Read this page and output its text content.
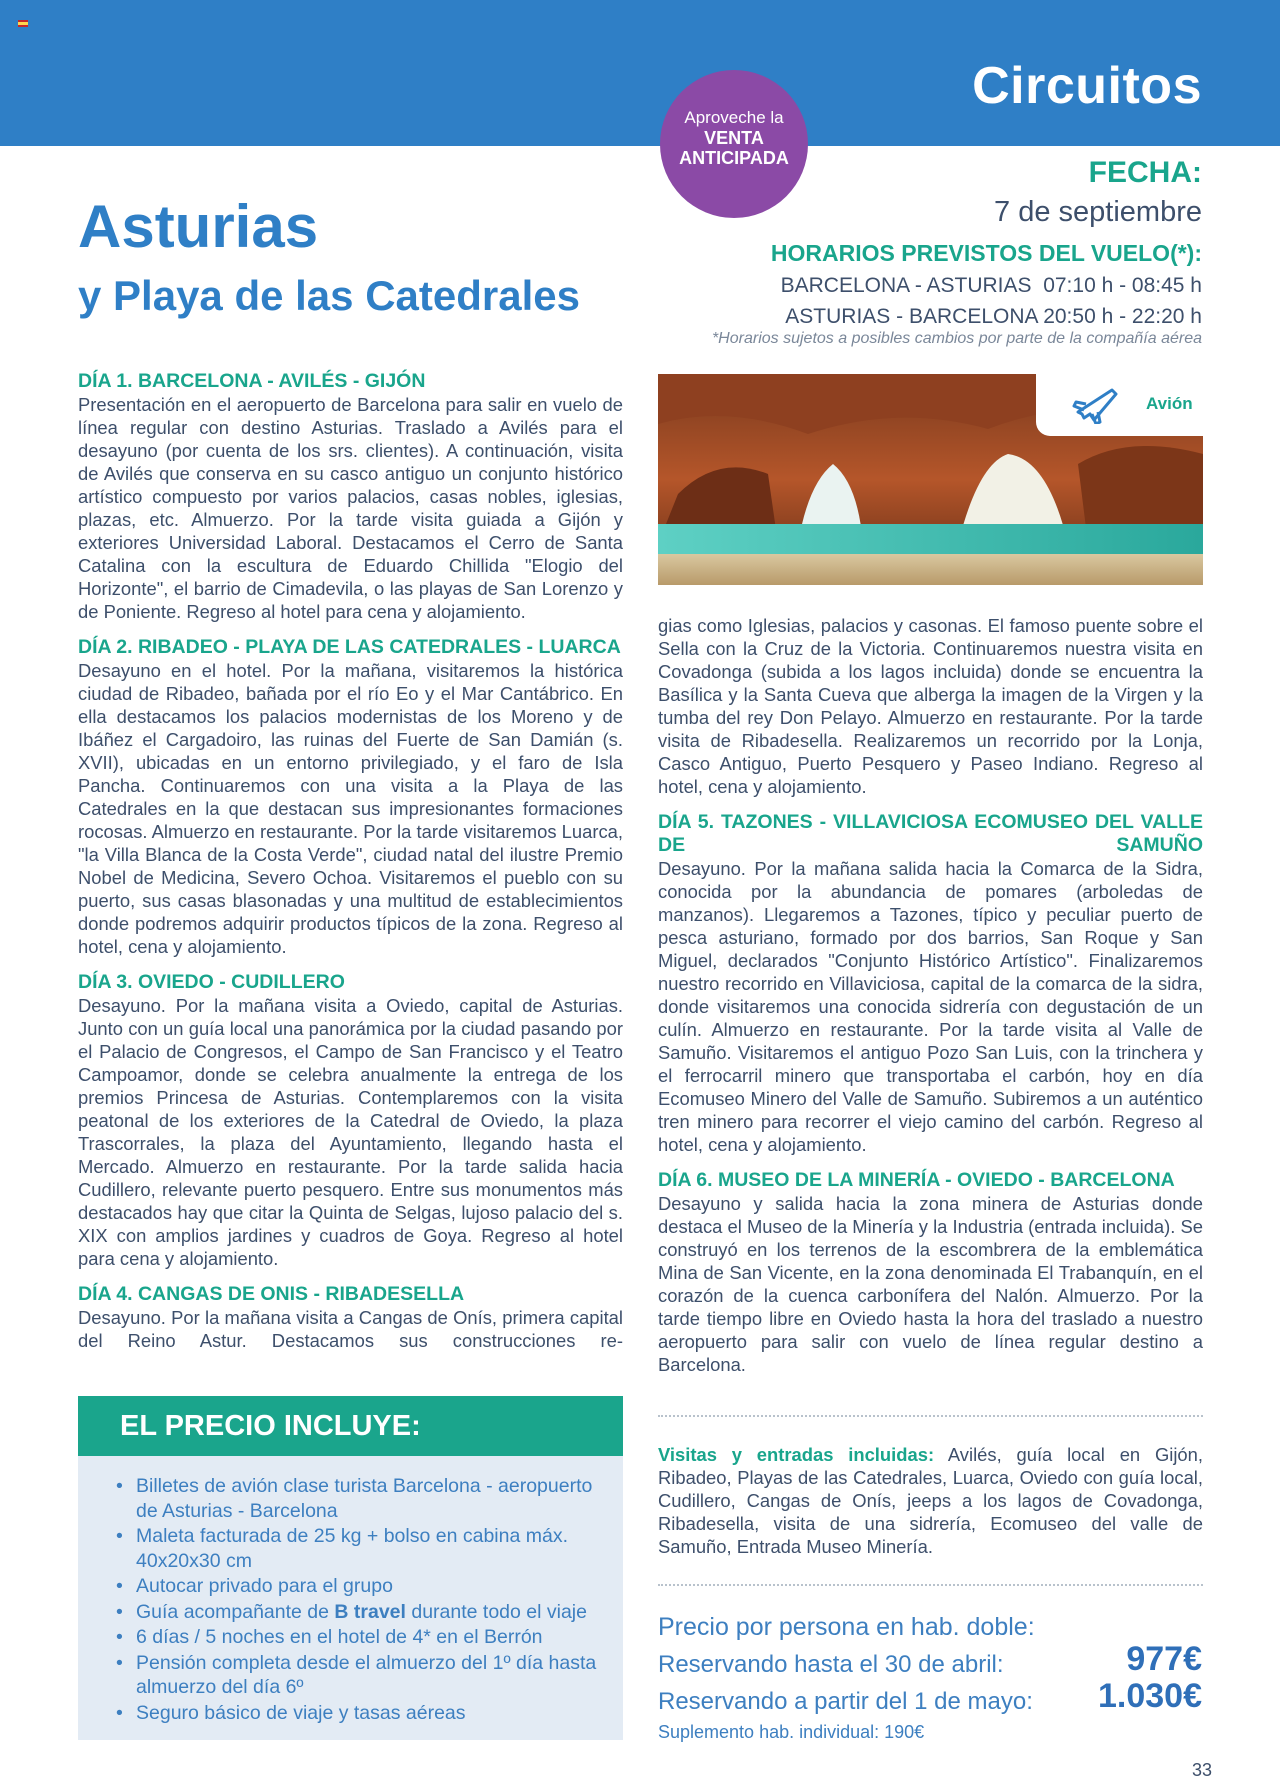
Circuitos
Aproveche la
VENTA
ANTICIPADA
Asturias
y Playa de las Catedrales
FECHA:
7 de septiembre
HORARIOS PREVISTOS DEL VUELO(*):
BARCELONA - ASTURIAS  07:10 h - 08:45 h
ASTURIAS - BARCELONA 20:50 h - 22:20 h
*Horarios sujetos a posibles cambios por parte de la compañía aérea
Avión
DÍA 1. BARCELONA - AVILÉS - GIJÓN
Presentación en el aeropuerto de Barcelona para salir en vuelo de línea regular con destino Asturias. Traslado a Avilés para el desayuno (por cuenta de los srs. clientes). A continuación, visita de Avilés que conserva en su casco antiguo un conjunto histórico artístico compuesto por varios palacios, casas nobles, iglesias, plazas, etc. Almuerzo. Por la tarde visita guiada a Gijón y exteriores Universidad Laboral. Destacamos el Cerro de Santa Catalina con la escultura de Eduardo Chillida "Elogio del Horizonte", el barrio de Cimadevila, o las playas de San Lorenzo y de Poniente. Regreso al hotel para cena y alojamiento.
DÍA 2. RIBADEO - PLAYA DE LAS CATEDRALES - LUARCA
Desayuno en el hotel. Por la mañana, visitaremos la histórica ciudad de Ribadeo, bañada por el río Eo y el Mar Cantábrico. En ella destacamos los palacios modernistas de los Moreno y de Ibáñez el Cargadoiro, las ruinas del Fuerte de San Damián (s. XVII), ubicadas en un entorno privilegiado, y el faro de Isla Pancha. Continuaremos con una visita a la Playa de las Catedrales en la que destacan sus impresionantes formaciones rocosas. Almuerzo en restaurante. Por la tarde visitaremos Luarca, "la Villa Blanca de la Costa Verde", ciudad natal del ilustre Premio Nobel de Medicina, Severo Ochoa. Visitaremos el pueblo con su puerto, sus casas blasonadas y una multitud de establecimientos donde podremos adquirir productos típicos de la zona. Regreso al hotel, cena y alojamiento.
DÍA 3. OVIEDO - CUDILLERO
Desayuno. Por la mañana visita a Oviedo, capital de Asturias. Junto con un guía local una panorámica por la ciudad pasando por el Palacio de Congresos, el Campo de San Francisco y el Teatro Campoamor, donde se celebra anualmente la entrega de los premios Princesa de Asturias. Contemplaremos con la visita peatonal de los exteriores de la Catedral de Oviedo, la plaza Trascorrales, la plaza del Ayuntamiento, llegando hasta el Mercado. Almuerzo en restaurante. Por la tarde salida hacia Cudillero, relevante puerto pesquero. Entre sus monumentos más destacados hay que citar la Quinta de Selgas, lujoso palacio del s. XIX con amplios jardines y cuadros de Goya. Regreso al hotel para cena y alojamiento.
DÍA 4. CANGAS DE ONIS - RIBADESELLA
Desayuno. Por la mañana visita a Cangas de Onís, primera capital del Reino Astur. Destacamos sus construcciones re-
gias como Iglesias, palacios y casonas. El famoso puente sobre el Sella con la Cruz de la Victoria. Continuaremos nuestra visita en Covadonga (subida a los lagos incluida) donde se encuentra la Basílica y la Santa Cueva que alberga la imagen de la Virgen y la tumba del rey Don Pelayo. Almuerzo en restaurante. Por la tarde visita de Ribadesella. Realizaremos un recorrido por la Lonja, Casco Antiguo, Puerto Pesquero y Paseo Indiano. Regreso al hotel, cena y alojamiento.
DÍA 5. TAZONES - VILLAVICIOSA ECOMUSEO DEL VALLE DE SAMUÑO
Desayuno. Por la mañana salida hacia la Comarca de la Sidra, conocida por la abundancia de pomares (arboledas de manzanos). Llegaremos a Tazones, típico y peculiar puerto de pesca asturiano, formado por dos barrios, San Roque y San Miguel, declarados "Conjunto Histórico Artístico". Finalizaremos nuestro recorrido en Villaviciosa, capital de la comarca de la sidra, donde visitaremos una conocida sidrería con degustación de un culín. Almuerzo en restaurante. Por la tarde visita al Valle de Samuño. Visitaremos el antiguo Pozo San Luis, con la trinchera y el ferrocarril minero que transportaba el carbón, hoy en día Ecomuseo Minero del Valle de Samuño. Subiremos a un auténtico tren minero para recorrer el viejo camino del carbón. Regreso al hotel, cena y alojamiento.
DÍA 6. MUSEO DE LA MINERÍA - OVIEDO - BARCELONA
Desayuno y salida hacia la zona minera de Asturias donde destaca el Museo de la Minería y la Industria (entrada incluida). Se construyó en los terrenos de la escombrera de la emblemática Mina de San Vicente, en la zona denominada El Trabanquín, en el corazón de la cuenca carbonífera del Nalón. Almuerzo. Por la tarde tiempo libre en Oviedo hasta la hora del traslado a nuestro aeropuerto para salir con vuelo de línea regular destino a Barcelona.
EL PRECIO INCLUYE:
• Billetes de avión clase turista Barcelona - aeropuerto de Asturias - Barcelona
• Maleta facturada de 25 kg + bolso en cabina máx. 40x20x30 cm
• Autocar privado para el grupo
• Guía acompañante de B travel durante todo el viaje
• 6 días / 5 noches en el hotel de 4* en el Berrón
• Pensión completa desde el almuerzo del 1º día hasta almuerzo del día 6º
• Seguro básico de viaje y tasas aéreas
Visitas y entradas incluidas: Avilés, guía local en Gijón, Ribadeo, Playas de las Catedrales, Luarca, Oviedo con guía local, Cudillero, Cangas de Onís, jeeps a los lagos de Covadonga, Ribadesella, visita de una sidrería, Ecomuseo del valle de Samuño, Entrada Museo Minería.
Precio por persona en hab. doble:
Reservando hasta el 30 de abril:	977€
Reservando a partir del 1 de mayo: 1.030€
Suplemento hab. individual: 190€
33
